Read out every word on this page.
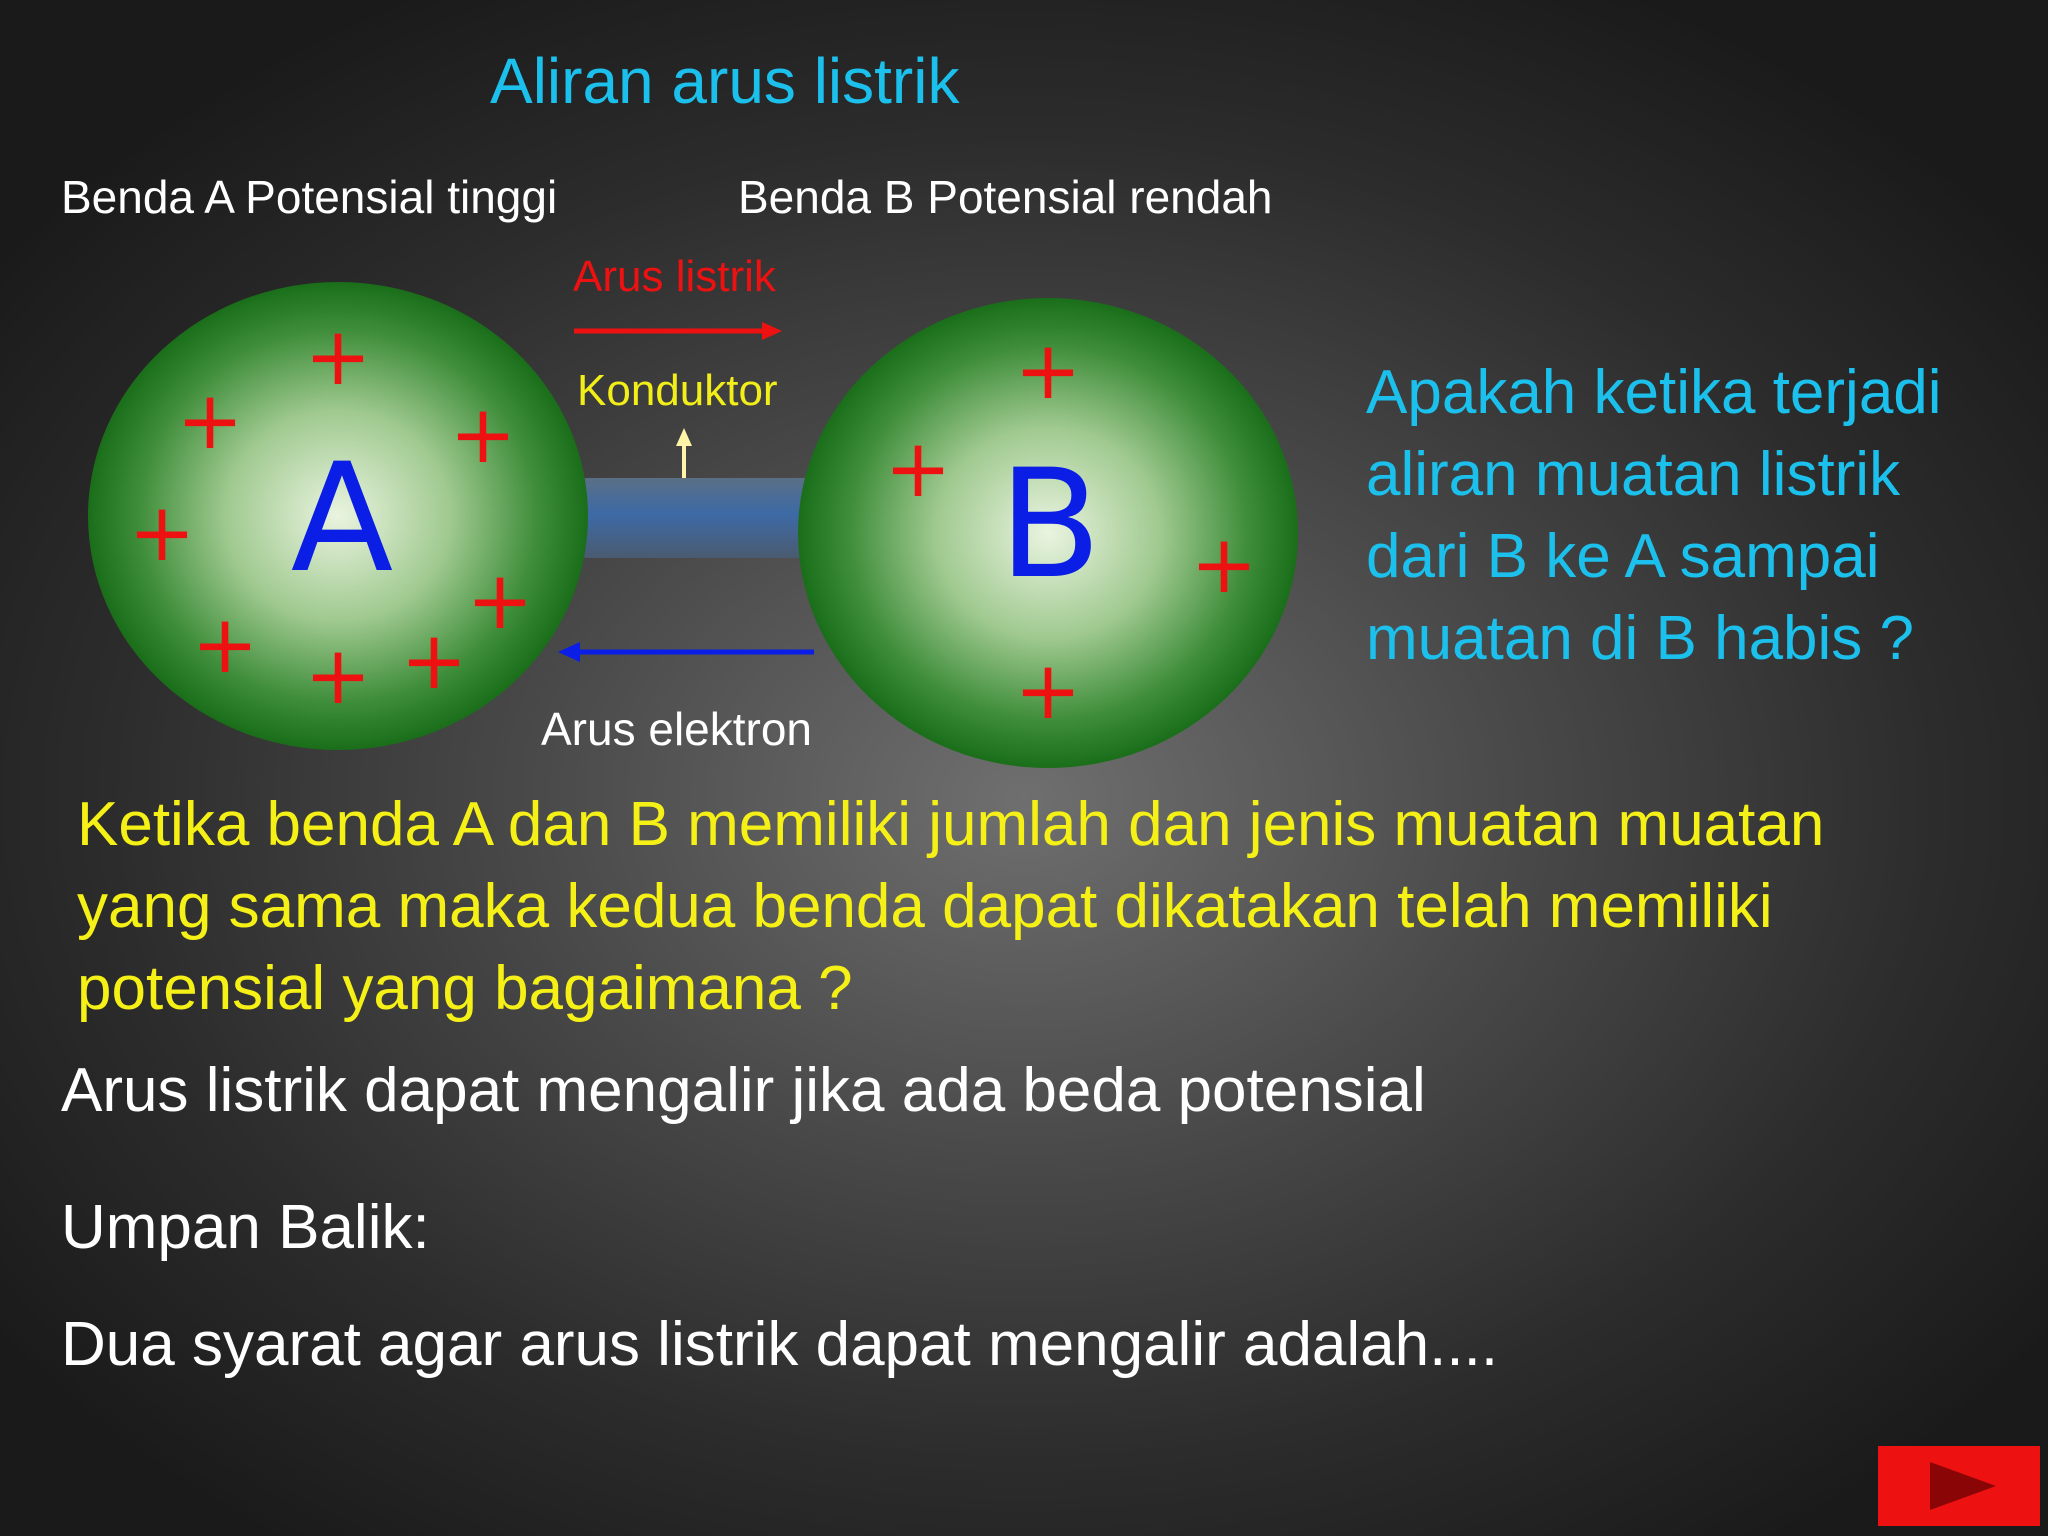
A	B
+
+	+
+
+
+ +
+
+
+
+
+
Aliran arus listrik
Benda A Potensial tinggi	Benda B Potensial rendah
Arus listrik
Konduktor
Arus elektron
Apakah ketika terjadi aliran muatan listrik dari B ke A sampai muatan di B habis ?
Ketika benda A dan B memiliki jumlah dan jenis muatan muatan yang sama maka kedua benda dapat dikatakan telah memiliki potensial yang bagaimana ?
Arus listrik dapat mengalir jika ada beda potensial
Umpan Balik:
Dua syarat agar arus listrik dapat mengalir adalah....
